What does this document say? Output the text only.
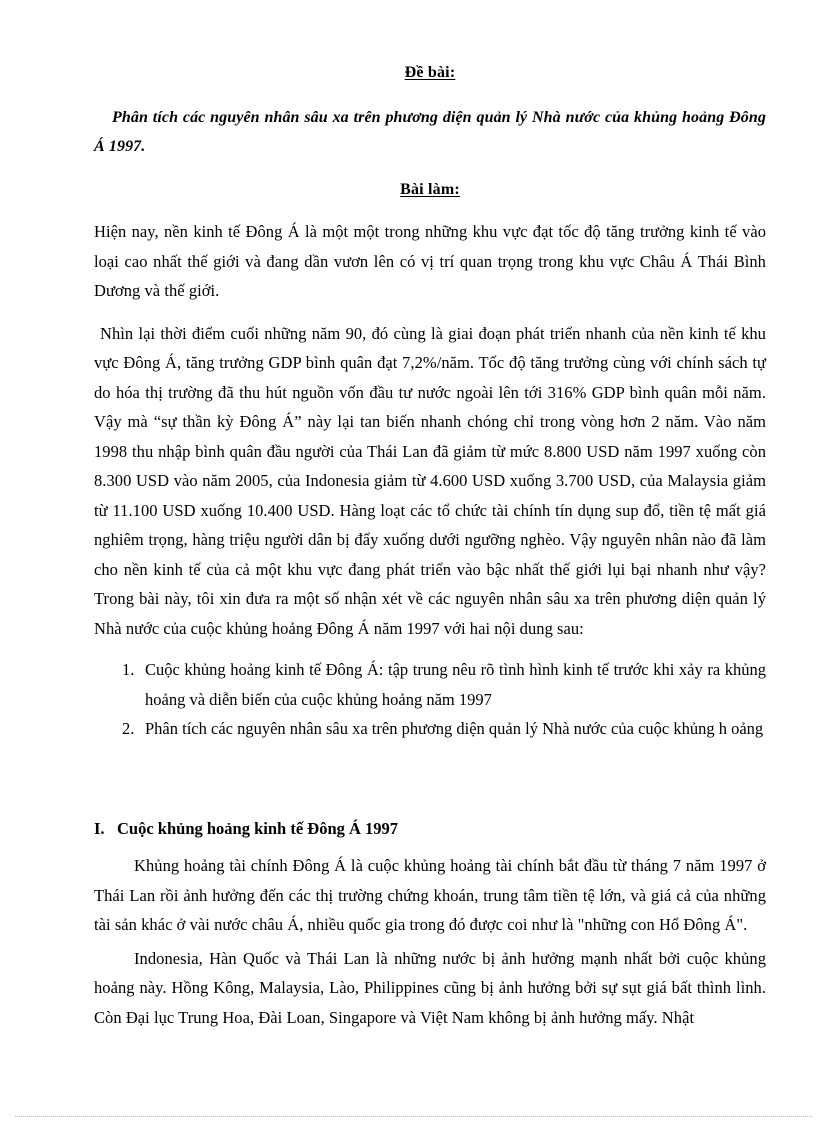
Đề bài:
Phân tích các nguyên nhân sâu xa trên phương diện quản lý Nhà nước của khủng hoảng Đông Á 1997.
Bài làm:

Hiện nay, nền kinh tế Đông Á là một một trong những khu vực đạt tốc độ tăng trưởng kinh tế vào loại cao nhất thế giới và đang dần vươn lên có vị trí quan trọng trong khu vực Châu Á Thái Bình Dương và thế giới.

Nhìn lại thời điểm cuối những năm 90, đó cùng là giai đoạn phát triển nhanh của nền kinh tế khu vực Đông Á, tăng trưởng GDP bình quân đạt 7,2%/năm. Tốc độ tăng trưởng cùng với chính sách tự do hóa thị trường đã thu hút nguồn vốn đầu tư nước ngoài lên tới 316% GDP bình quân mỗi năm. Vậy mà “sự thần kỳ Đông Á” này lại tan biến nhanh chóng chỉ trong vòng hơn 2 năm. Vào năm 1998 thu nhập bình quân đầu người của Thái Lan đã giảm từ mức 8.800 USD năm 1997 xuống còn 8.300 USD vào năm 2005, của Indonesia giảm từ 4.600 USD xuống 3.700 USD, của Malaysia giảm từ 11.100 USD xuống 10.400 USD. Hàng loạt các tổ chức tài chính tín dụng sup đổ, tiền tệ mất giá nghiêm trọng, hàng triệu người dân bị đẩy xuống dưới ngưỡng nghèo. Vậy nguyên nhân nào đã làm cho nền kinh tế của cả một khu vực đang phát triển vào bậc nhất thế giới lụi bại nhanh như vậy? Trong bài này, tôi xin đưa ra một số nhận xét về các nguyên nhân sâu xa trên phương diện quản lý Nhà nước của cuộc khủng hoảng Đông Á năm 1997 với hai nội dung sau:

1. Cuộc khủng hoảng kinh tế Đông Á: tập trung nêu rõ tình hình kinh tế trước khi xảy ra khủng hoảng và diễn biến của cuộc khủng hoảng năm 1997
2. Phân tích các nguyên nhân sâu xa trên phương diện quản lý Nhà nước của cuộc khủng h oảng
I. Cuộc khủng hoảng kinh tế Đông Á 1997

Khủng hoảng tài chính Đông Á là cuộc khủng hoảng tài chính bắt đầu từ tháng 7 năm 1997 ở Thái Lan rồi ảnh hưởng đến các thị trường chứng khoán, trung tâm tiền tệ lớn, và giá cả của những tài sản khác ở vài nước châu Á, nhiều quốc gia trong đó được coi như là "những con Hổ Đông Á".

Indonesia, Hàn Quốc và Thái Lan là những nước bị ảnh hưởng mạnh nhất bởi cuộc khủng hoảng này. Hồng Kông, Malaysia, Lào, Philippines cũng bị ảnh hưởng bởi sự sụt giá bất thình lình. Còn Đại lục Trung Hoa, Đài Loan, Singapore và Việt Nam không bị ảnh hưởng mấy. Nhật
